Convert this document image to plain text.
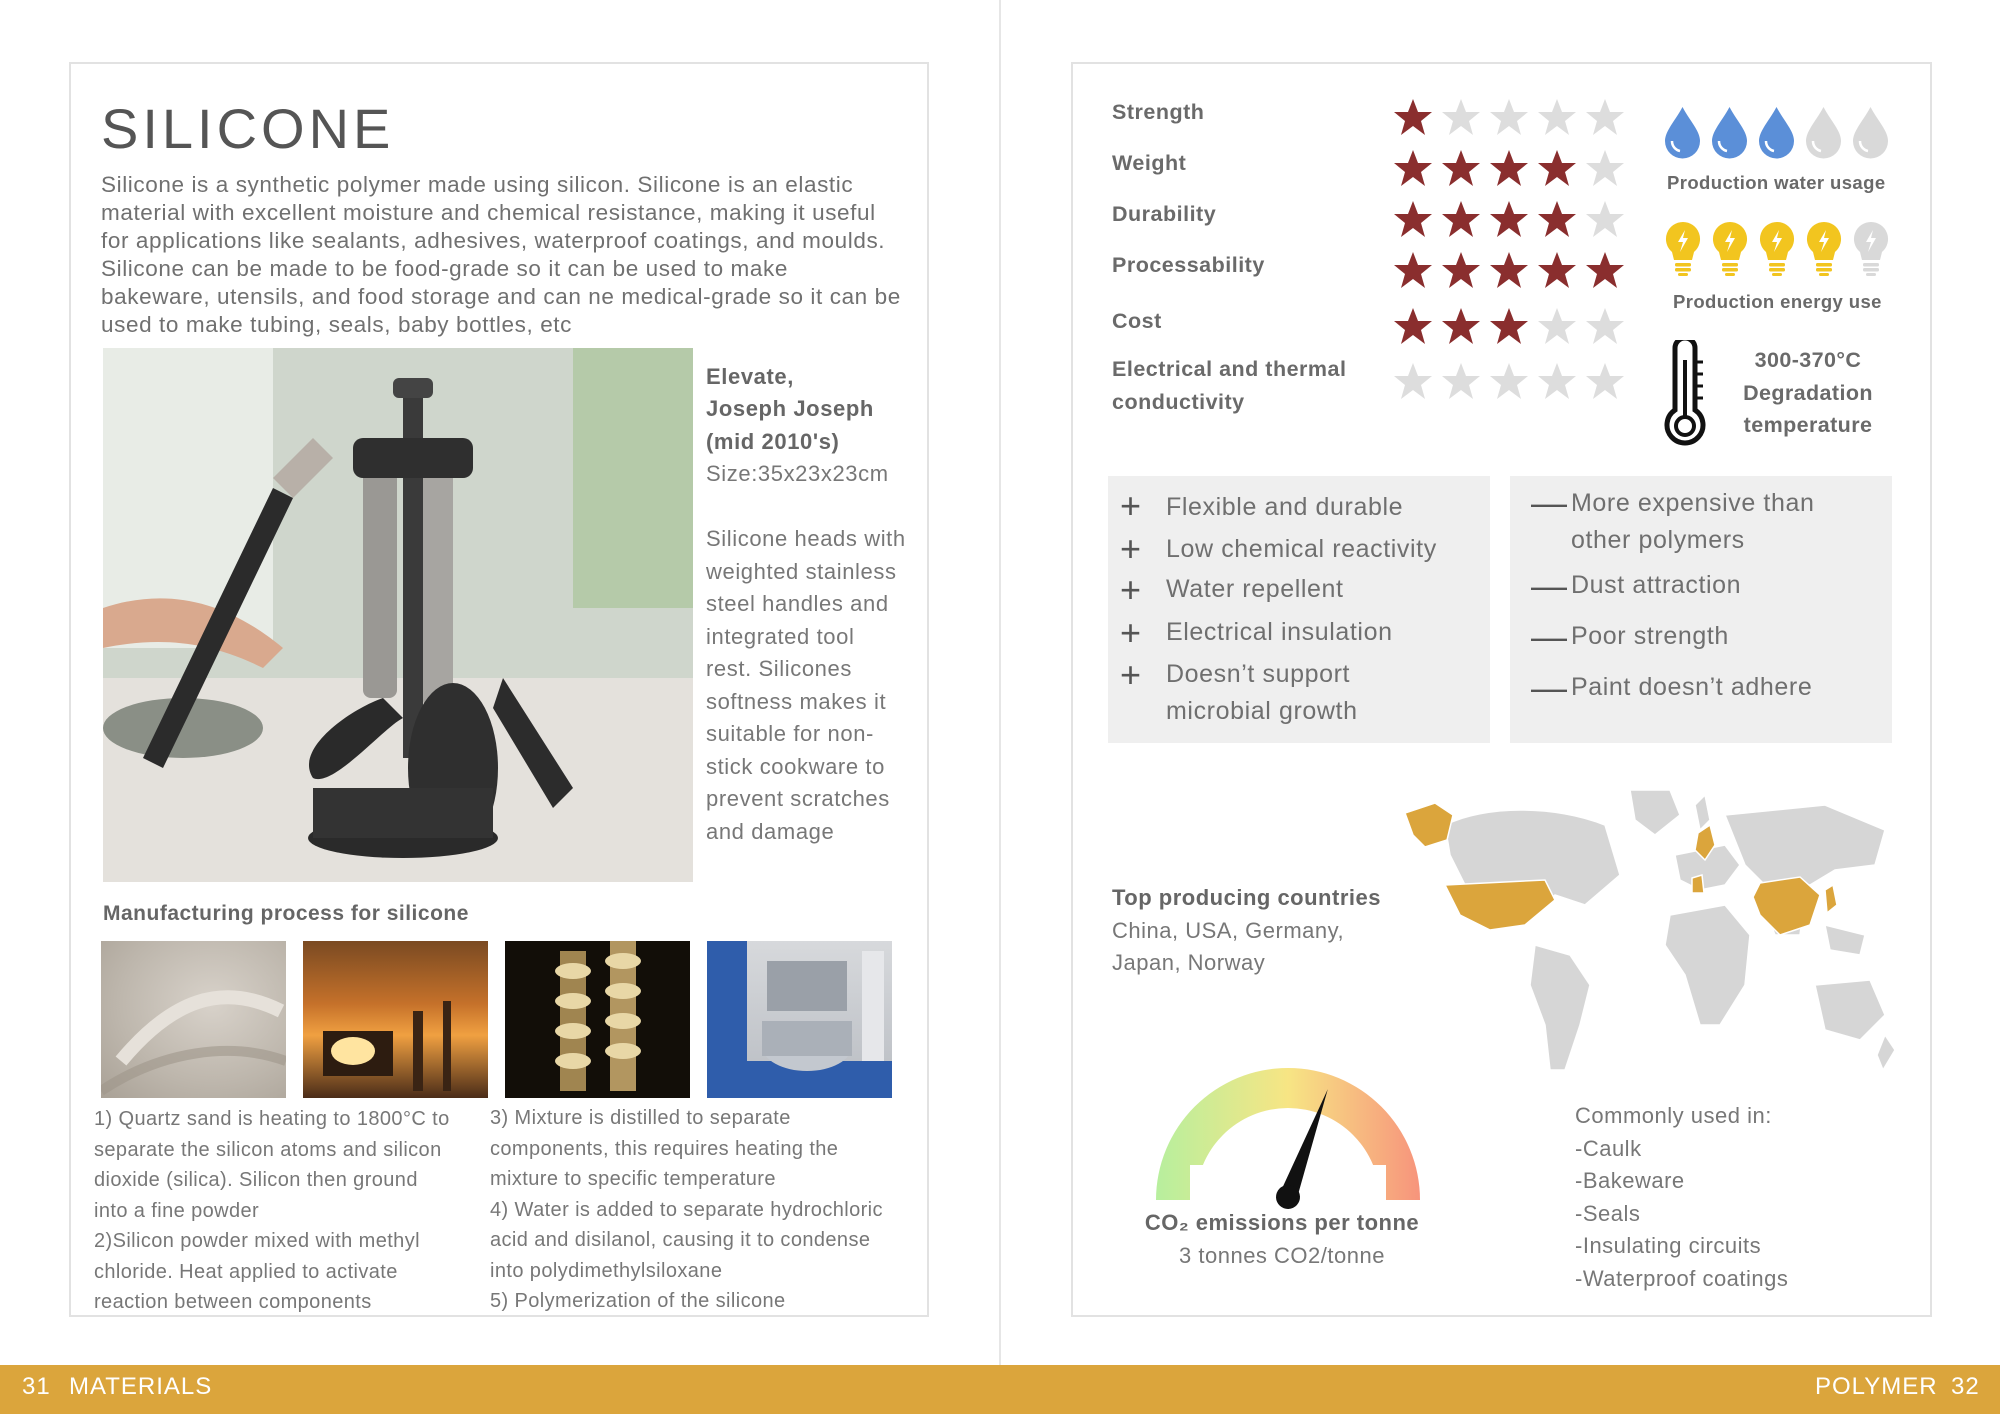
SILICONE
Silicone is a synthetic polymer made using silicon. Silicone is an elastic material with excellent moisture and chemical resistance, making it useful for applications like sealants, adhesives, waterproof coatings, and moulds. Silicone can be made to be food-grade so it can be used to make bakeware, utensils, and food storage and can ne medical-grade so it can be used to make tubing, seals, baby bottles, etc
Elevate,
Joseph Joseph
(mid 2010's)
Size:35x23x23cm
Silicone heads with
weighted stainless
steel handles and
integrated tool
rest. Silicones
softness makes it
suitable for non-
stick cookware to
prevent scratches
and damage
Manufacturing process for silicone
1) Quartz sand is heating to 1800°C to
separate the silicon atoms and silicon
dioxide (silica). Silicon then ground
into a fine powder
2)Silicon powder mixed with methyl
chloride. Heat applied to activate
reaction between components
3) Mixture is distilled to separate
components, this requires heating the
mixture to specific temperature
4) Water is added to separate hydrochloric
acid and disilanol, causing it to condense
into polydimethylsiloxane
5) Polymerization of the silicone
Strength
Weight
Durability
Processability
Cost
Electrical and thermal
conductivity
Production water usage
Production energy use
300-370°C
Degradation
temperature
+ Flexible and durable
+ Low chemical reactivity
+ Water repellent
+ Electrical insulation
+ Doesn’t support
microbial growth
— More expensive than
other polymers
— Dust attraction
— Poor strength
— Paint doesn’t adhere
Top producing countries
China, USA, Germany,
Japan, Norway
CO₂ emissions per tonne
3 tonnes CO2/tonne
Commonly used in:
-Caulk
-Bakeware
-Seals
-Insulating circuits
-Waterproof coatings
31 MATERIALS	POLYMER 32
